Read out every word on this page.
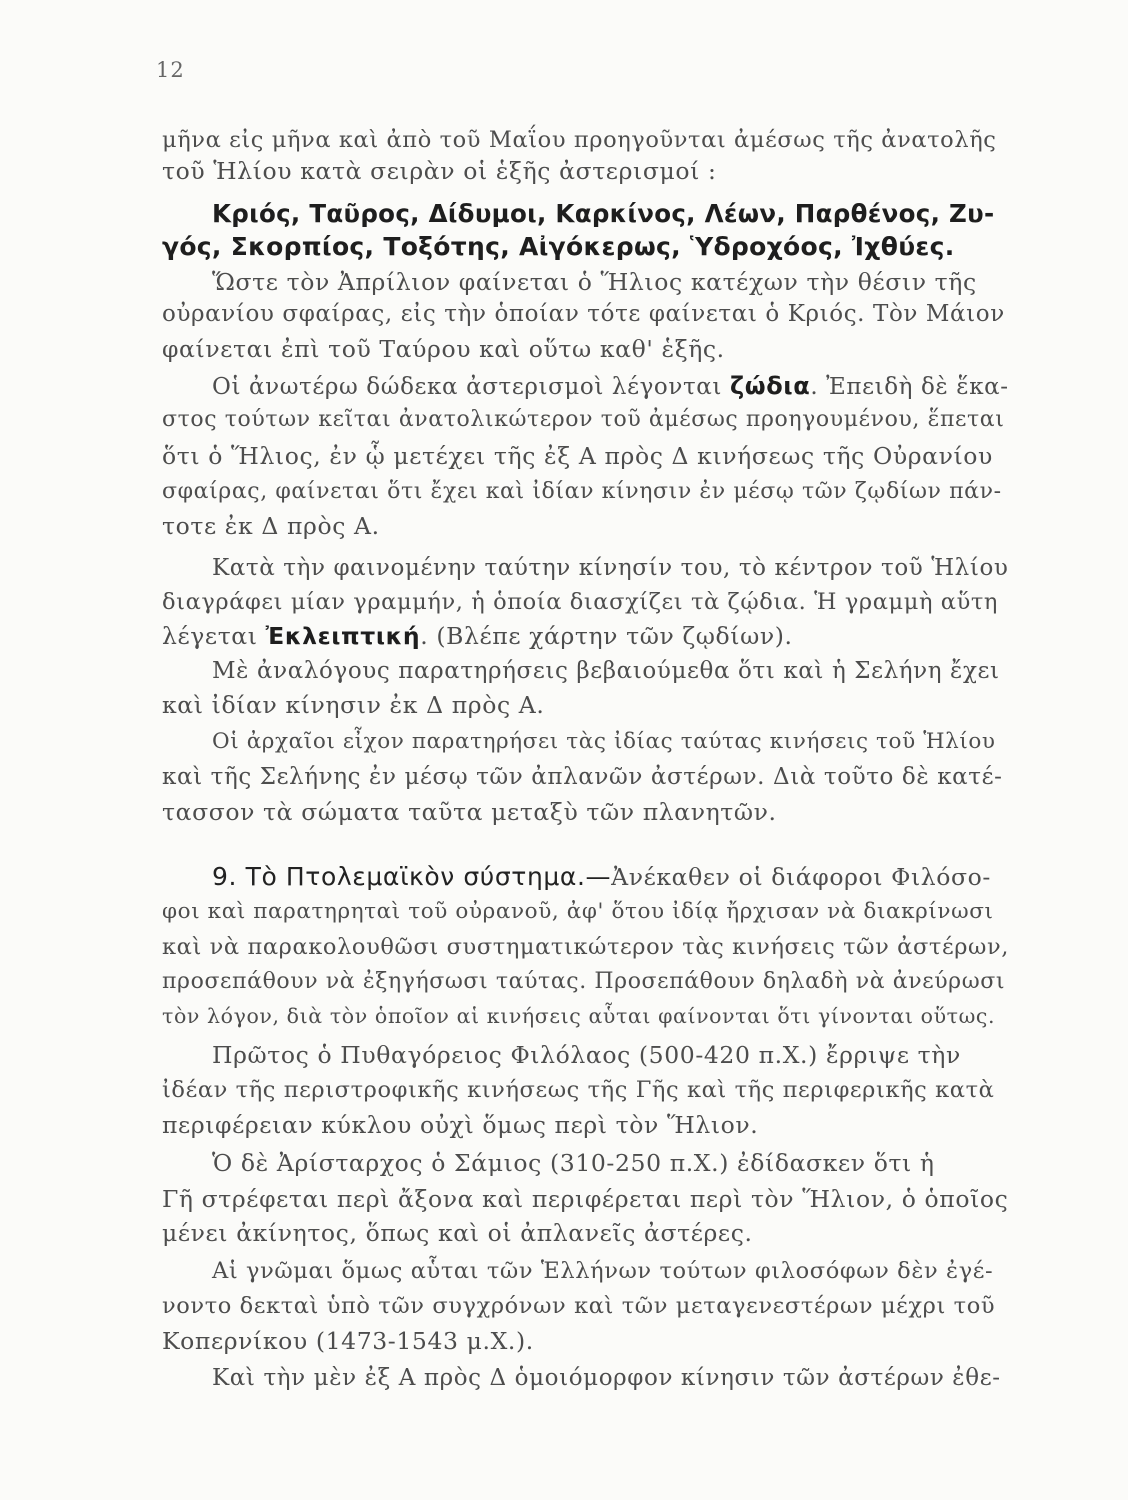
12
μῆνα εἰς μῆνα καὶ ἀπὸ τοῦ Μαΐου προηγοῦνται ἀμέσως τῆς ἀνατολῆς
τοῦ Ἡλίου κατὰ σειρὰν οἱ ἑξῆς ἀστερισμοί :
Κριός, Ταῦρος, Δίδυμοι, Καρκίνος, Λέων, Παρθένος, Ζυ-
γός, Σκορπίος, Τοξότης, Αἰγόκερως, Ὑδροχόος, Ἰχθύες.
Ὥστε τὸν Ἀπρίλιον φαίνεται ὁ Ἥλιος κατέχων τὴν θέσιν τῆς
οὐρανίου σφαίρας, εἰς τὴν ὁποίαν τότε φαίνεται ὁ Κριός. Τὸν Μάιον
φαίνεται ἐπὶ τοῦ Ταύρου καὶ οὕτω καθ' ἑξῆς.
Οἱ ἀνωτέρω δώδεκα ἀστερισμοὶ λέγονται ζώδια. Ἐπειδὴ δὲ ἕκα-
στος τούτων κεῖται ἀνατολικώτερον τοῦ ἀμέσως προηγουμένου, ἕπεται
ὅτι ὁ Ἥλιος, ἐν ᾧ μετέχει τῆς ἐξ Α πρὸς Δ κινήσεως τῆς Οὐρανίου
σφαίρας, φαίνεται ὅτι ἔχει καὶ ἰδίαν κίνησιν ἐν μέσῳ τῶν ζῳδίων πάν-
τοτε ἐκ Δ πρὸς Α.
Κατὰ τὴν φαινομένην ταύτην κίνησίν του, τὸ κέντρον τοῦ Ἡλίου
διαγράφει μίαν γραμμήν, ἡ ὁποία διασχίζει τὰ ζῴδια. Ἡ γραμμὴ αὕτη
λέγεται Ἐκλειπτική. (Βλέπε χάρτην τῶν ζῳδίων).
Μὲ ἀναλόγους παρατηρήσεις βεβαιούμεθα ὅτι καὶ ἡ Σελήνη ἔχει
καὶ ἰδίαν κίνησιν ἐκ Δ πρὸς Α.
Οἱ ἀρχαῖοι εἶχον παρατηρήσει τὰς ἰδίας ταύτας κινήσεις τοῦ Ἡλίου
καὶ τῆς Σελήνης ἐν μέσῳ τῶν ἀπλανῶν ἀστέρων. Διὰ τοῦτο δὲ κατέ-
τασσον τὰ σώματα ταῦτα μεταξὺ τῶν πλανητῶν.
9. Τὸ Πτολεμαϊκὸν σύστημα.—Ἀνέκαθεν οἱ διάφοροι Φιλόσο-
φοι καὶ παρατηρηταὶ τοῦ οὐρανοῦ, ἀφ' ὅτου ἰδίᾳ ἤρχισαν νὰ διακρίνωσι
καὶ νὰ παρακολουθῶσι συστηματικώτερον τὰς κινήσεις τῶν ἀστέρων,
προσεπάθουν νὰ ἐξηγήσωσι ταύτας. Προσεπάθουν δηλαδὴ νὰ ἀνεύρωσι
τὸν λόγον, διὰ τὸν ὁποῖον αἱ κινήσεις αὗται φαίνονται ὅτι γίνονται οὕτως.
Πρῶτος ὁ Πυθαγόρειος Φιλόλαος (500-420 π.Χ.) ἔρριψε τὴν
ἰδέαν τῆς περιστροφικῆς κινήσεως τῆς Γῆς καὶ τῆς περιφερικῆς κατὰ
περιφέρειαν κύκλου οὐχὶ ὅμως περὶ τὸν Ἥλιον.
Ὁ δὲ Ἀρίσταρχος ὁ Σάμιος (310-250 π.Χ.) ἐδίδασκεν ὅτι ἡ
Γῆ στρέφεται περὶ ἄξονα καὶ περιφέρεται περὶ τὸν Ἥλιον, ὁ ὁποῖος
μένει ἀκίνητος, ὅπως καὶ οἱ ἀπλανεῖς ἀστέρες.
Αἱ γνῶμαι ὅμως αὗται τῶν Ἑλλήνων τούτων φιλοσόφων δὲν ἐγέ-
νοντο δεκταὶ ὑπὸ τῶν συγχρόνων καὶ τῶν μεταγενεστέρων μέχρι τοῦ
Κοπερνίκου (1473-1543 μ.Χ.).
Καὶ τὴν μὲν ἐξ Α πρὸς Δ ὁμοιόμορφον κίνησιν τῶν ἀστέρων ἐθε-
